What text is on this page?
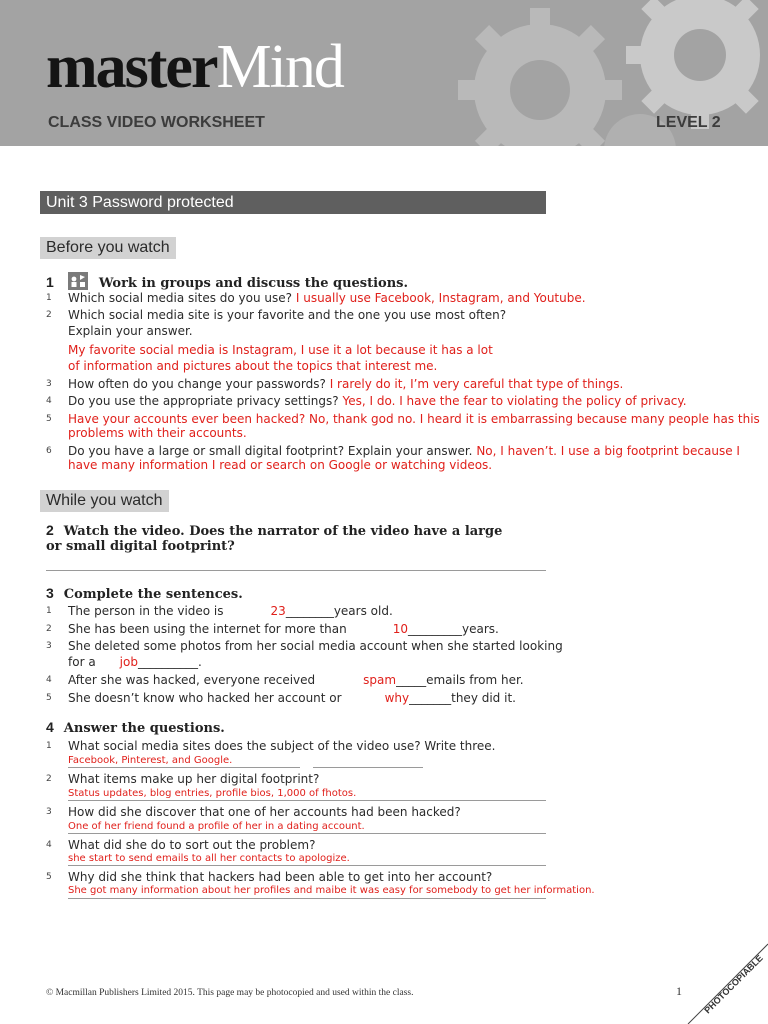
masterMind
CLASS VIDEO WORKSHEET	LEVEL 2
Unit 3 Password protected
Before you watch
1	Work in groups and discuss the questions.
1 Which social media sites do you use? I usually use Facebook, Instagram, and Youtube.
2 Which social media site is your favorite and the one you use most often?
Explain your answer.
My favorite social media is Instagram, I use it a lot because it has a lot
of information and pictures about the topics that interest me.
3 How often do you change your passwords? I rarely do it, I’m very careful that type of things.
4 Do you use the appropriate privacy settings? Yes, I do. I have the fear to violating the policy of privacy.
5 Have your accounts ever been hacked? No, thank god no. I heard it is embarrassing because many people has this
problems with their accounts.
6 Do you have a large or small digital footprint? Explain your answer. No, I haven’t. I use a big footprint because I
have many information I read or search on Google or watching videos.
While you watch
2 Watch the video. Does the narrator of the video have a large
or small digital footprint?
3 Complete the sentences.
1 The person in the video is	23________years old.
2 She has been using the internet for more than	10_________years.
3 She deleted some photos from her social media account when she started looking
for a job__________.
4 After she was hacked, everyone received	spam_____emails from her.
5 She doesn’t know who hacked her account or	why_______they did it.
4 Answer the questions.
1 What social media sites does the subject of the video use? Write three.
Facebook, Pinterest, and Google.
2 What items make up her digital footprint?
Status updates, blog entries, profile bios, 1,000 of fhotos.
3 How did she discover that one of her accounts had been hacked?
One of her friend found a profile of her in a dating account.
4 What did she do to sort out the problem?
she start to send emails to all her contacts to apologize.
5 Why did she think that hackers had been able to get into her account?
She got many information about her profiles and maibe it was easy for somebody to get her information.
© Macmillan Publishers Limited 2015. This page may be photocopied and used within the class.	1 PHOTOCOPIABLE
